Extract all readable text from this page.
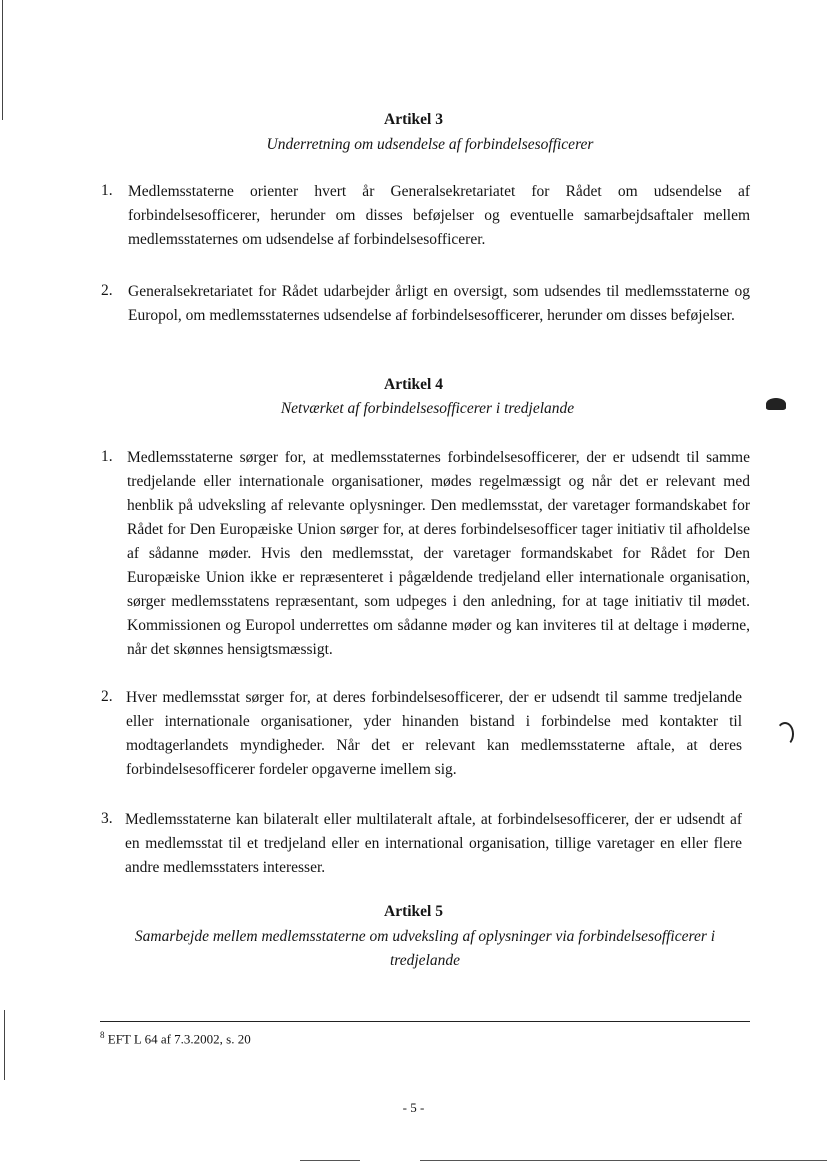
Artikel 3
Underretning om udsendelse af forbindelsesofficerer
1. Medlemsstaterne orienter hvert år Generalsekretariatet for Rådet om udsendelse af forbindelsesofficerer, herunder om disses beføjelser og eventuelle samarbejdsaftaler mellem medlemsstaternes om udsendelse af forbindelsesofficerer.
2. Generalsekretariatet for Rådet udarbejder årligt en oversigt, som udsendes til medlemsstaterne og Europol, om medlemsstaternes udsendelse af forbindelsesofficerer, herunder om disses beføjelser.
Artikel 4
Netværket af forbindelsesofficerer i tredjelande
1. Medlemsstaterne sørger for, at medlemsstaternes forbindelsesofficerer, der er udsendt til samme tredjelande eller internationale organisationer, mødes regelmæssigt og når det er relevant med henblik på udveksling af relevante oplysninger. Den medlemsstat, der varetager formandskabet for Rådet for Den Europæiske Union sørger for, at deres forbindelsesofficer tager initiativ til afholdelse af sådanne møder. Hvis den medlemsstat, der varetager formandskabet for Rådet for Den Europæiske Union ikke er repræsenteret i pågældende tredjeland eller internationale organisation, sørger medlemsstatens repræsentant, som udpeges i den anledning, for at tage initiativ til mødet. Kommissionen og Europol underrettes om sådanne møder og kan inviteres til at deltage i møderne, når det skønnes hensigtsmæssigt.
2. Hver medlemsstat sørger for, at deres forbindelsesofficerer, der er udsendt til samme tredjelande eller internationale organisationer, yder hinanden bistand i forbindelse med kontakter til modtagerlandets myndigheder. Når det er relevant kan medlemsstaterne aftale, at deres forbindelsesofficerer fordeler opgaverne imellem sig.
3. Medlemsstaterne kan bilateralt eller multilateralt aftale, at forbindelsesofficerer, der er udsendt af en medlemsstat til et tredjeland eller en international organisation, tillige varetager en eller flere andre medlemsstaters interesser.
Artikel 5
Samarbejde mellem medlemsstaterne om udveksling af oplysninger via forbindelsesofficerer i tredjelande
$^8$ EFT L 64 af 7.3.2002, s. 20
- 5 -
